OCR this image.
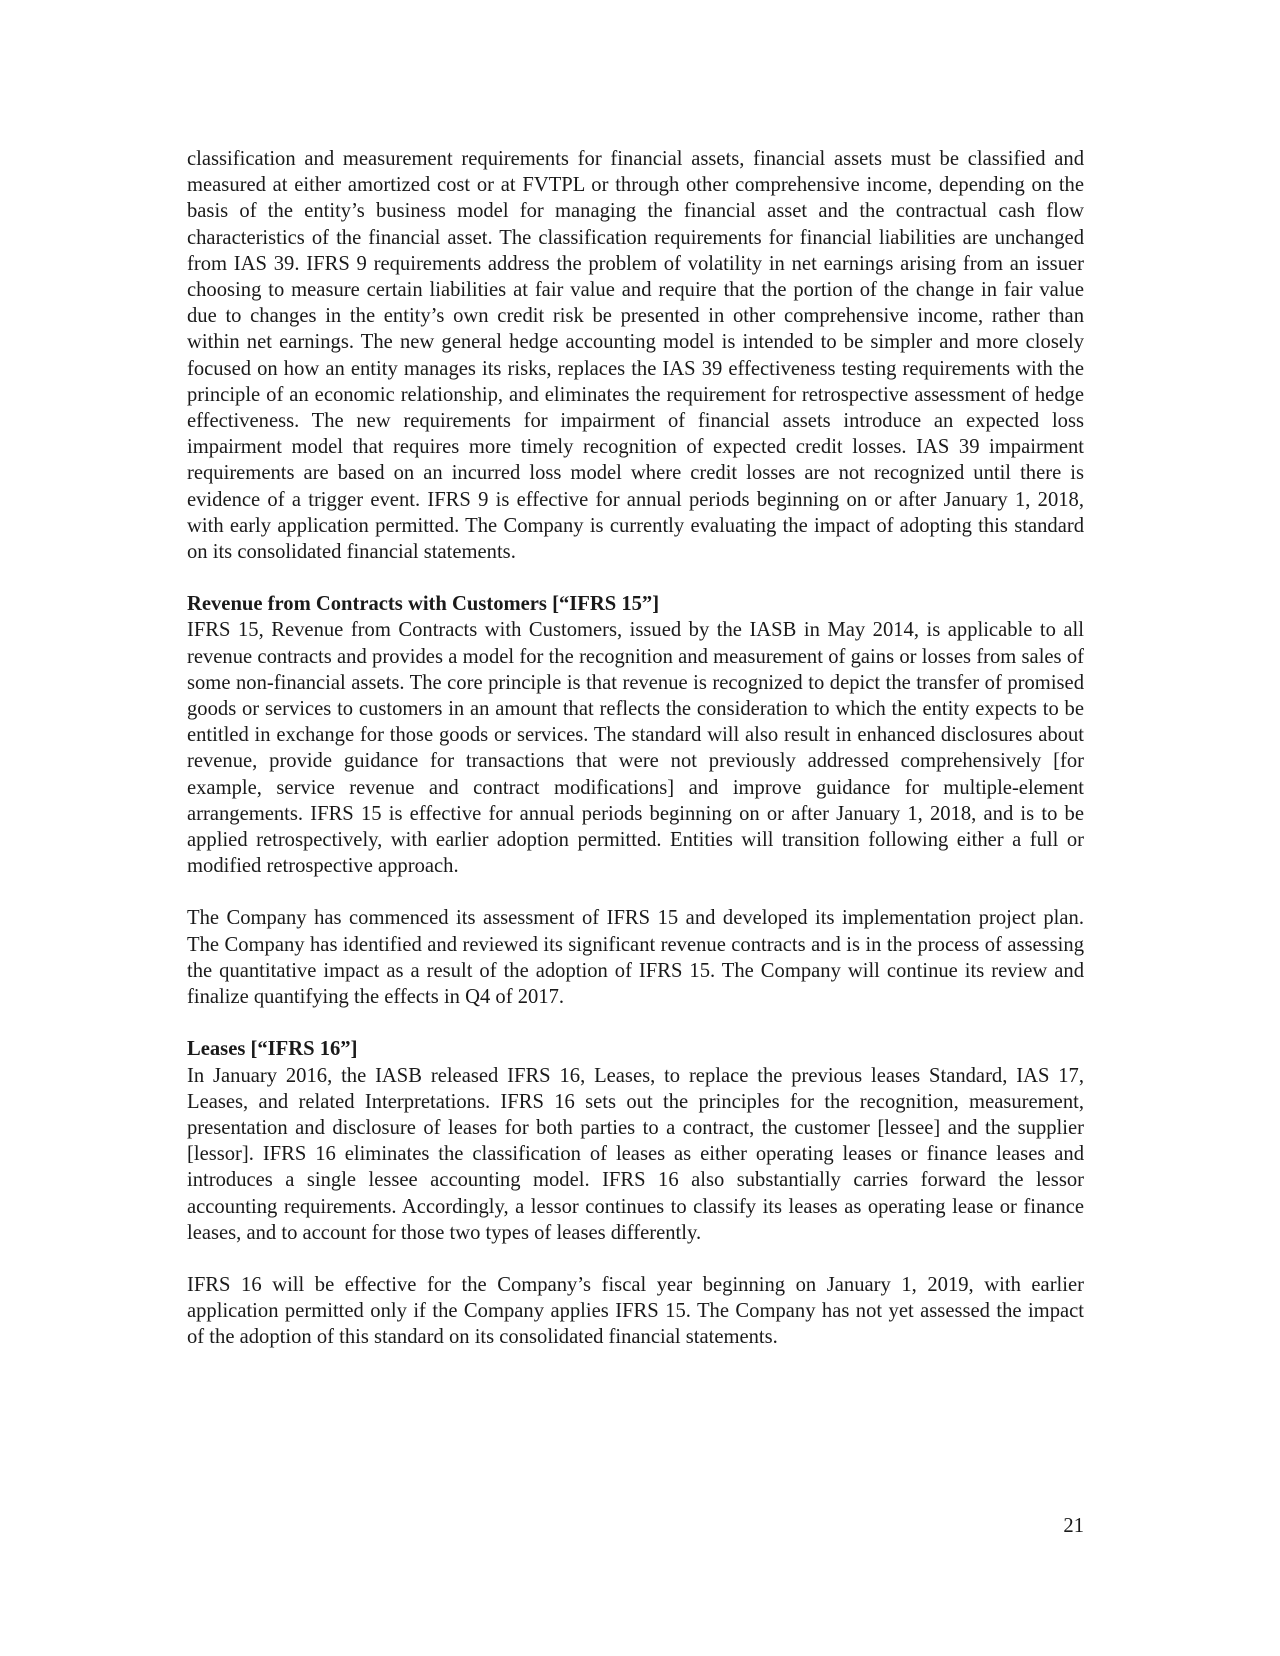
classification and measurement requirements for financial assets, financial assets must be classified and measured at either amortized cost or at FVTPL or through other comprehensive income, depending on the basis of the entity’s business model for managing the financial asset and the contractual cash flow characteristics of the financial asset. The classification requirements for financial liabilities are unchanged from IAS 39. IFRS 9 requirements address the problem of volatility in net earnings arising from an issuer choosing to measure certain liabilities at fair value and require that the portion of the change in fair value due to changes in the entity’s own credit risk be presented in other comprehensive income, rather than within net earnings. The new general hedge accounting model is intended to be simpler and more closely focused on how an entity manages its risks, replaces the IAS 39 effectiveness testing requirements with the principle of an economic relationship, and eliminates the requirement for retrospective assessment of hedge effectiveness. The new requirements for impairment of financial assets introduce an expected loss impairment model that requires more timely recognition of expected credit losses. IAS 39 impairment requirements are based on an incurred loss model where credit losses are not recognized until there is evidence of a trigger event. IFRS 9 is effective for annual periods beginning on or after January 1, 2018, with early application permitted. The Company is currently evaluating the impact of adopting this standard on its consolidated financial statements.

Revenue from Contracts with Customers [“IFRS 15”]

IFRS 15, Revenue from Contracts with Customers, issued by the IASB in May 2014, is applicable to all revenue contracts and provides a model for the recognition and measurement of gains or losses from sales of some non-financial assets. The core principle is that revenue is recognized to depict the transfer of promised goods or services to customers in an amount that reflects the consideration to which the entity expects to be entitled in exchange for those goods or services. The standard will also result in enhanced disclosures about revenue, provide guidance for transactions that were not previously addressed comprehensively [for example, service revenue and contract modifications] and improve guidance for multiple-element arrangements. IFRS 15 is effective for annual periods beginning on or after January 1, 2018, and is to be applied retrospectively, with earlier adoption permitted. Entities will transition following either a full or modified retrospective approach.

The Company has commenced its assessment of IFRS 15 and developed its implementation project plan. The Company has identified and reviewed its significant revenue contracts and is in the process of assessing the quantitative impact as a result of the adoption of IFRS 15. The Company will continue its review and finalize quantifying the effects in Q4 of 2017.

Leases [“IFRS 16”]

In January 2016, the IASB released IFRS 16, Leases, to replace the previous leases Standard, IAS 17, Leases, and related Interpretations. IFRS 16 sets out the principles for the recognition, measurement, presentation and disclosure of leases for both parties to a contract, the customer [lessee] and the supplier [lessor]. IFRS 16 eliminates the classification of leases as either operating leases or finance leases and introduces a single lessee accounting model. IFRS 16 also substantially carries forward the lessor accounting requirements. Accordingly, a lessor continues to classify its leases as operating lease or finance leases, and to account for those two types of leases differently.

IFRS 16 will be effective for the Company’s fiscal year beginning on January 1, 2019, with earlier application permitted only if the Company applies IFRS 15. The Company has not yet assessed the impact of the adoption of this standard on its consolidated financial statements.

21
